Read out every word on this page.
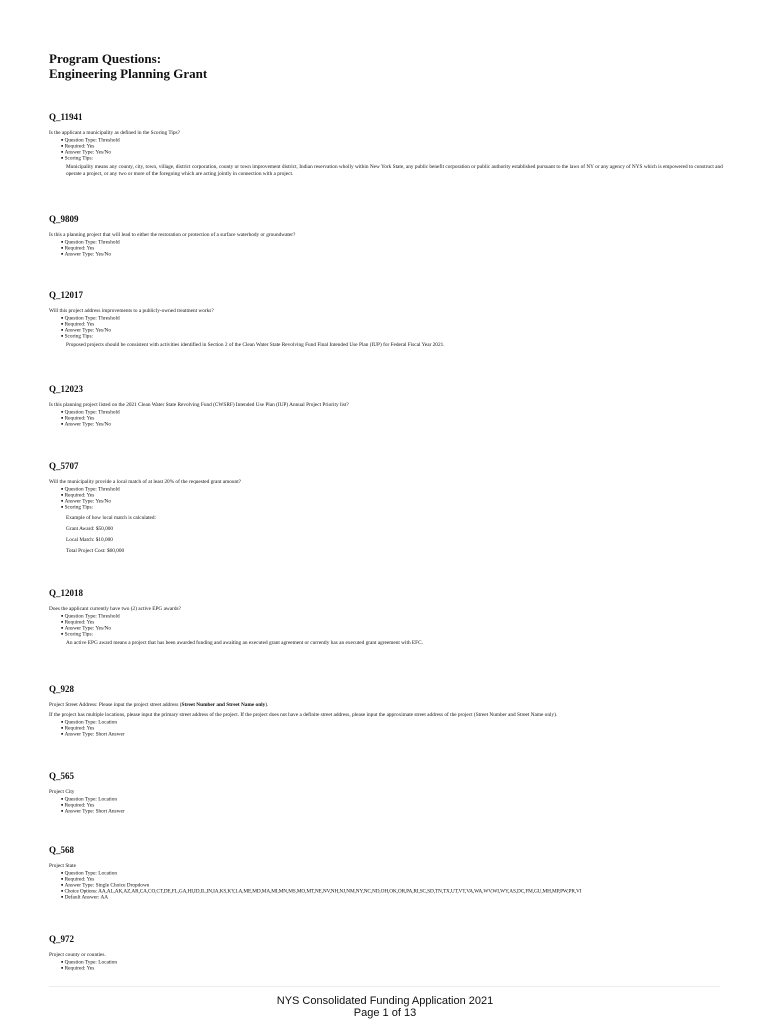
Program Questions:
Engineering Planning Grant
Q_11941
Is the applicant a municipality as defined in the Scoring Tips?
■ Question Type: Threshold
■ Required: Yes
■ Answer Type: Yes/No
■ Scoring Tips:
Municipality means any county, city, town, village, district corporation, county or town improvement district, Indian reservation wholly within New York State, any public benefit corporation or public authority established pursuant to the laws of NY or any agency of NYS which is empowered to construct and operate a project, or any two or more of the foregoing which are acting jointly in connection with a project.
Q_9809
Is this a planning project that will lead to either the restoration or protection of a surface waterbody or groundwater?
■ Question Type: Threshold
■ Required: Yes
■ Answer Type: Yes/No
Q_12017
Will this project address improvements to a publicly-owned treatment works?
■ Question Type: Threshold
■ Required: Yes
■ Answer Type: Yes/No
■ Scoring Tips:
Proposed projects should be consistent with activities identified in Section 2 of the Clean Water State Revolving Fund Final Intended Use Plan (IUP) for Federal Fiscal Year 2021.
Q_12023
Is this planning project listed on the 2021 Clean Water State Revolving Fund (CWSRF) Intended Use Plan (IUP) Annual Project Priority list?
■ Question Type: Threshold
■ Required: Yes
■ Answer Type: Yes/No
Q_5707
Will the municipality provide a local match of at least 20% of the requested grant amount?
■ Question Type: Threshold
■ Required: Yes
■ Answer Type: Yes/No
■ Scoring Tips:
Example of how local match is calculated:
Grant Award: $50,000
Local Match: $10,000
Total Project Cost: $60,000
Q_12018
Does the applicant currently have two (2) active EPG awards?
■ Question Type: Threshold
■ Required: Yes
■ Answer Type: Yes/No
■ Scoring Tips:
An active EPG award means a project that has been awarded funding and awaiting an executed grant agreement or currently has an executed grant agreement with EFC.
Q_928
Project Street Address: Please input the project street address (Street Number and Street Name only).
If the project has multiple locations, please input the primary street address of the project. If the project does not have a definite street address, please input the approximate street address of the project (Street Number and Street Name only).
■ Question Type: Location
■ Required: Yes
■ Answer Type: Short Answer
Q_565
Project City
■ Question Type: Location
■ Required: Yes
■ Answer Type: Short Answer
Q_568
Project State
■ Question Type: Location
■ Required: Yes
■ Answer Type: Single Choice Dropdown
■ Choice Options: AA,AL,AK,AZ,AR,CA,CO,CT,DE,FL,GA,HI,ID,IL,IN,IA,KS,KY,LA,ME,MD,MA,MI,MN,MS,MO,MT,NE,NV,NH,NJ,NM,NY,NC,ND,OH,OK,OR,PA,RI,SC,SD,TN,TX,UT,VT,VA,WA,WV,WI,WY,AS,DC,FM,GU,MH,MP,PW,PR,VI
■ Default Answer: AA
Q_972
Project county or counties.
■ Question Type: Location
■ Required: Yes
NYS Consolidated Funding Application 2021
Page 1 of 13
